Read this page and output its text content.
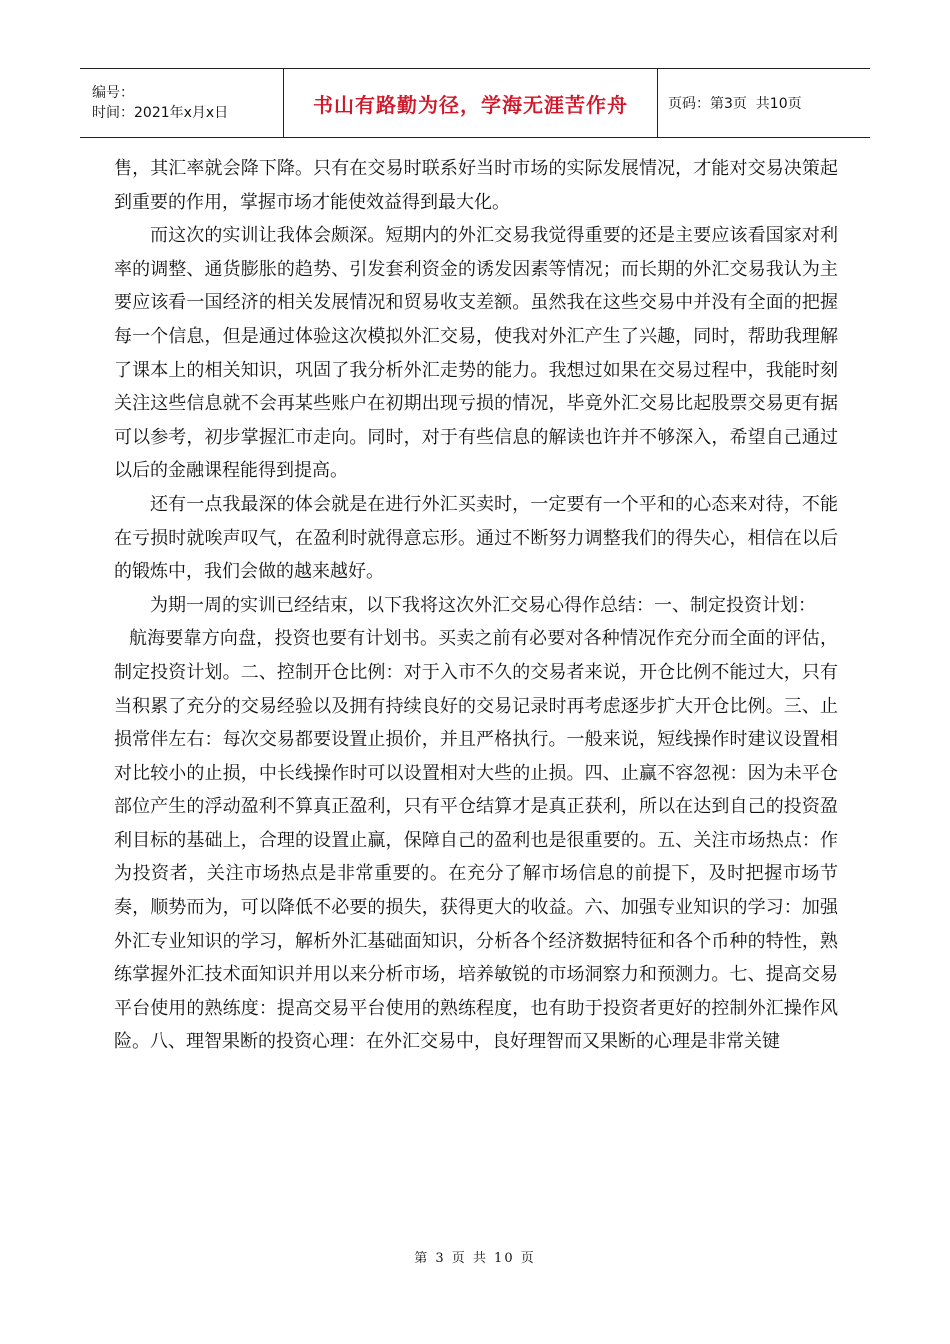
编号：
时间：2021年x月x日	书山有路勤为径，学海无涯苦作舟	页码：第3页  共10页

售，其汇率就会降下降。只有在交易时联系好当时市场的实际发展情况，才能对交易决策起到重要的作用，掌握市场才能使效益得到最大化。

而这次的实训让我体会颇深。短期内的外汇交易我觉得重要的还是主要应该看国家对利率的调整、通货膨胀的趋势、引发套利资金的诱发因素等情况；而长期的外汇交易我认为主要应该看一国经济的相关发展情况和贸易收支差额。虽然我在这些交易中并没有全面的把握每一个信息，但是通过体验这次模拟外汇交易，使我对外汇产生了兴趣，同时，帮助我理解了课本上的相关知识，巩固了我分析外汇走势的能力。我想过如果在交易过程中，我能时刻关注这些信息就不会再某些账户在初期出现亏损的情况，毕竟外汇交易比起股票交易更有据可以参考，初步掌握汇市走向。同时，对于有些信息的解读也许并不够深入，希望自己通过以后的金融课程能得到提高。

还有一点我最深的体会就是在进行外汇买卖时，一定要有一个平和的心态来对待，不能在亏损时就唉声叹气，在盈利时就得意忘形。通过不断努力调整我们的得失心，相信在以后的锻炼中，我们会做的越来越好。

为期一周的实训已经结束，以下我将这次外汇交易心得作总结：一、制定投资计划：

航海要靠方向盘，投资也要有计划书。买卖之前有必要对各种情况作充分而全面的评估，制定投资计划。二、控制开仓比例：对于入市不久的交易者来说，开仓比例不能过大，只有当积累了充分的交易经验以及拥有持续良好的交易记录时再考虑逐步扩大开仓比例。三、止损常伴左右：每次交易都要设置止损价，并且严格执行。一般来说，短线操作时建议设置相对比较小的止损，中长线操作时可以设置相对大些的止损。四、止赢不容忽视：因为未平仓部位产生的浮动盈利不算真正盈利，只有平仓结算才是真正获利，所以在达到自己的投资盈利目标的基础上，合理的设置止赢，保障自己的盈利也是很重要的。五、关注市场热点：作为投资者，关注市场热点是非常重要的。在充分了解市场信息的前提下，及时把握市场节奏，顺势而为，可以降低不必要的损失，获得更大的收益。六、加强专业知识的学习：加强外汇专业知识的学习，解析外汇基础面知识，分析各个经济数据特征和各个币种的特性，熟练掌握外汇技术面知识并用以来分析市场，培养敏锐的市场洞察力和预测力。七、提高交易平台使用的熟练度：提高交易平台使用的熟练程度，也有助于投资者更好的控制外汇操作风险。八、理智果断的投资心理：在外汇交易中，良好理智而又果断的心理是非常关键

第 3 页 共 10 页
